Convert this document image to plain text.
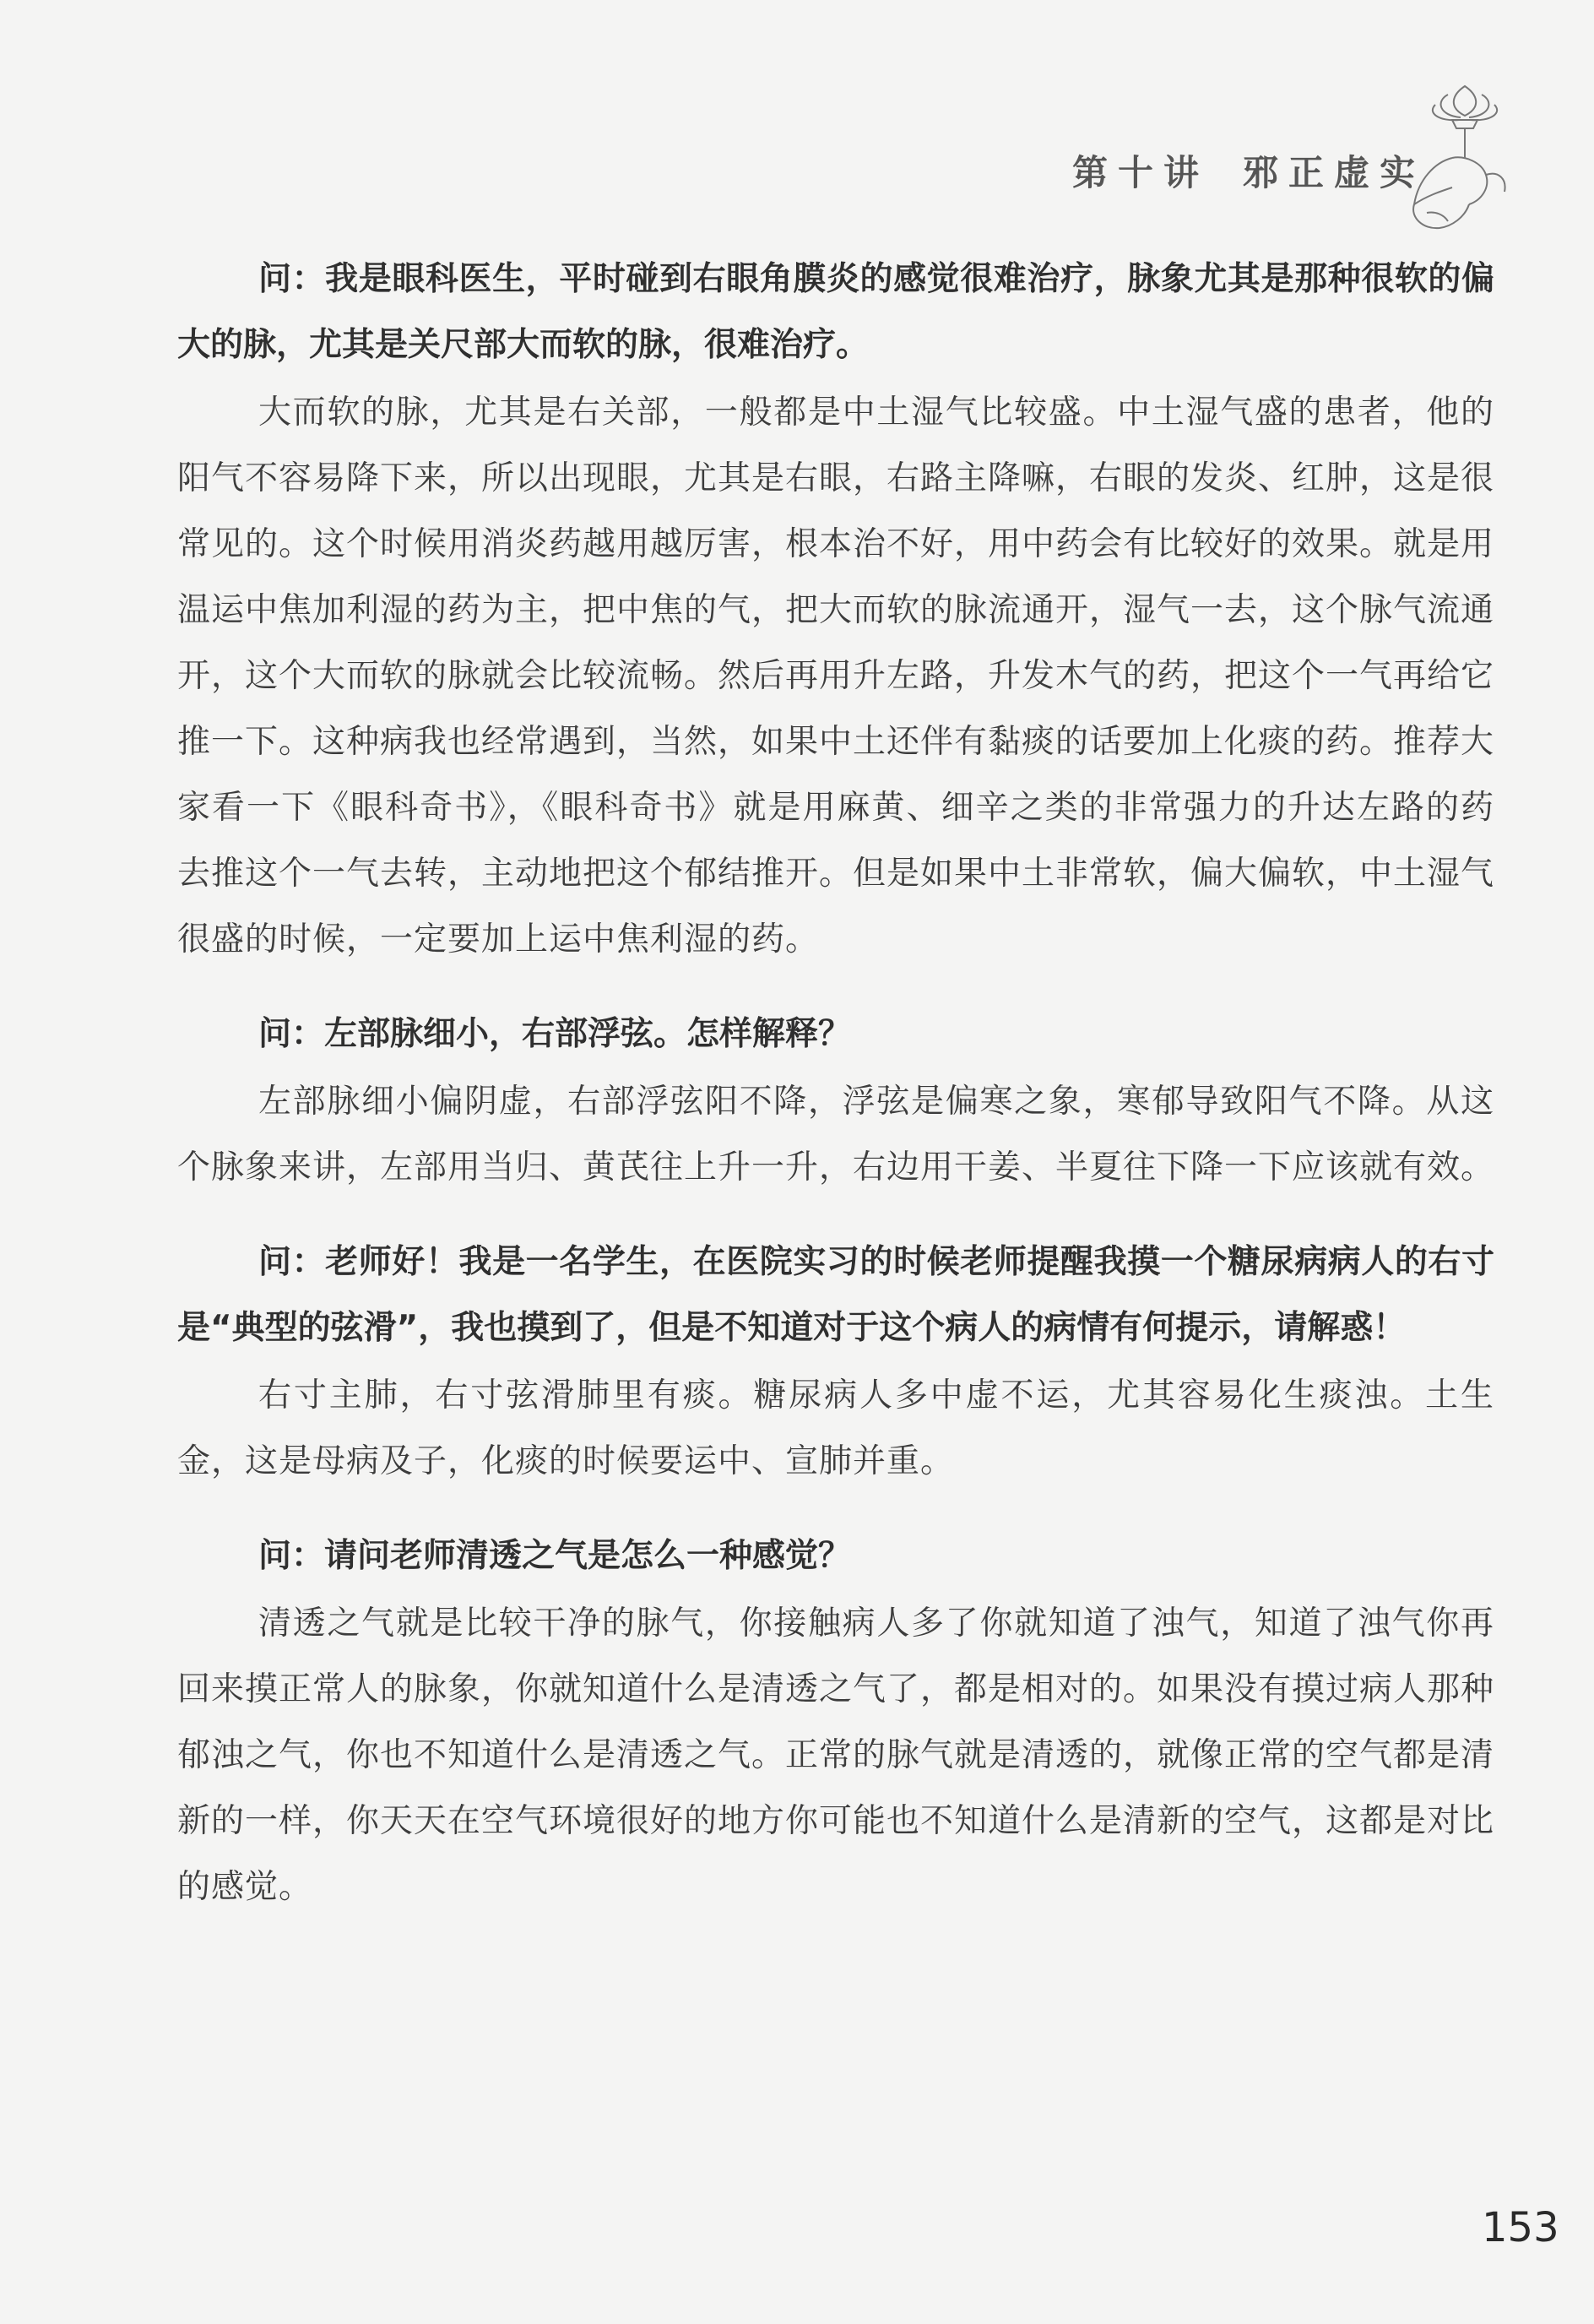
第十讲 邪正虚实

问：我是眼科医生，平时碰到右眼角膜炎的感觉很难治疗，脉象尤其是那种很软的偏大的脉，尤其是关尺部大而软的脉，很难治疗。

大而软的脉，尤其是右关部，一般都是中土湿气比较盛。中土湿气盛的患者，他的阳气不容易降下来，所以出现眼，尤其是右眼，右路主降嘛，右眼的发炎、红肿，这是很常见的。这个时候用消炎药越用越厉害，根本治不好，用中药会有比较好的效果。就是用温运中焦加利湿的药为主，把中焦的气，把大而软的脉流通开，湿气一去，这个脉气流通开，这个大而软的脉就会比较流畅。然后再用升左路，升发木气的药，把这个一气再给它推一下。这种病我也经常遇到，当然，如果中土还伴有黏痰的话要加上化痰的药。推荐大家看一下《眼科奇书》，《眼科奇书》就是用麻黄、细辛之类的非常强力的升达左路的药去推这个一气去转，主动地把这个郁结推开。但是如果中土非常软，偏大偏软，中土湿气很盛的时候，一定要加上运中焦利湿的药。

问：左部脉细小，右部浮弦。怎样解释？

左部脉细小偏阴虚，右部浮弦阳不降，浮弦是偏寒之象，寒郁导致阳气不降。从这个脉象来讲，左部用当归、黄芪往上升一升，右边用干姜、半夏往下降一下应该就有效。

问：老师好！我是一名学生，在医院实习的时候老师提醒我摸一个糖尿病病人的右寸是“典型的弦滑”，我也摸到了，但是不知道对于这个病人的病情有何提示，请解惑！

右寸主肺，右寸弦滑肺里有痰。糖尿病人多中虚不运，尤其容易化生痰浊。土生金，这是母病及子，化痰的时候要运中、宣肺并重。

问：请问老师清透之气是怎么一种感觉？

清透之气就是比较干净的脉气，你接触病人多了你就知道了浊气，知道了浊气你再回来摸正常人的脉象，你就知道什么是清透之气了，都是相对的。如果没有摸过病人那种郁浊之气，你也不知道什么是清透之气。正常的脉气就是清透的，就像正常的空气都是清新的一样，你天天在空气环境很好的地方你可能也不知道什么是清新的空气，这都是对比的感觉。

153
